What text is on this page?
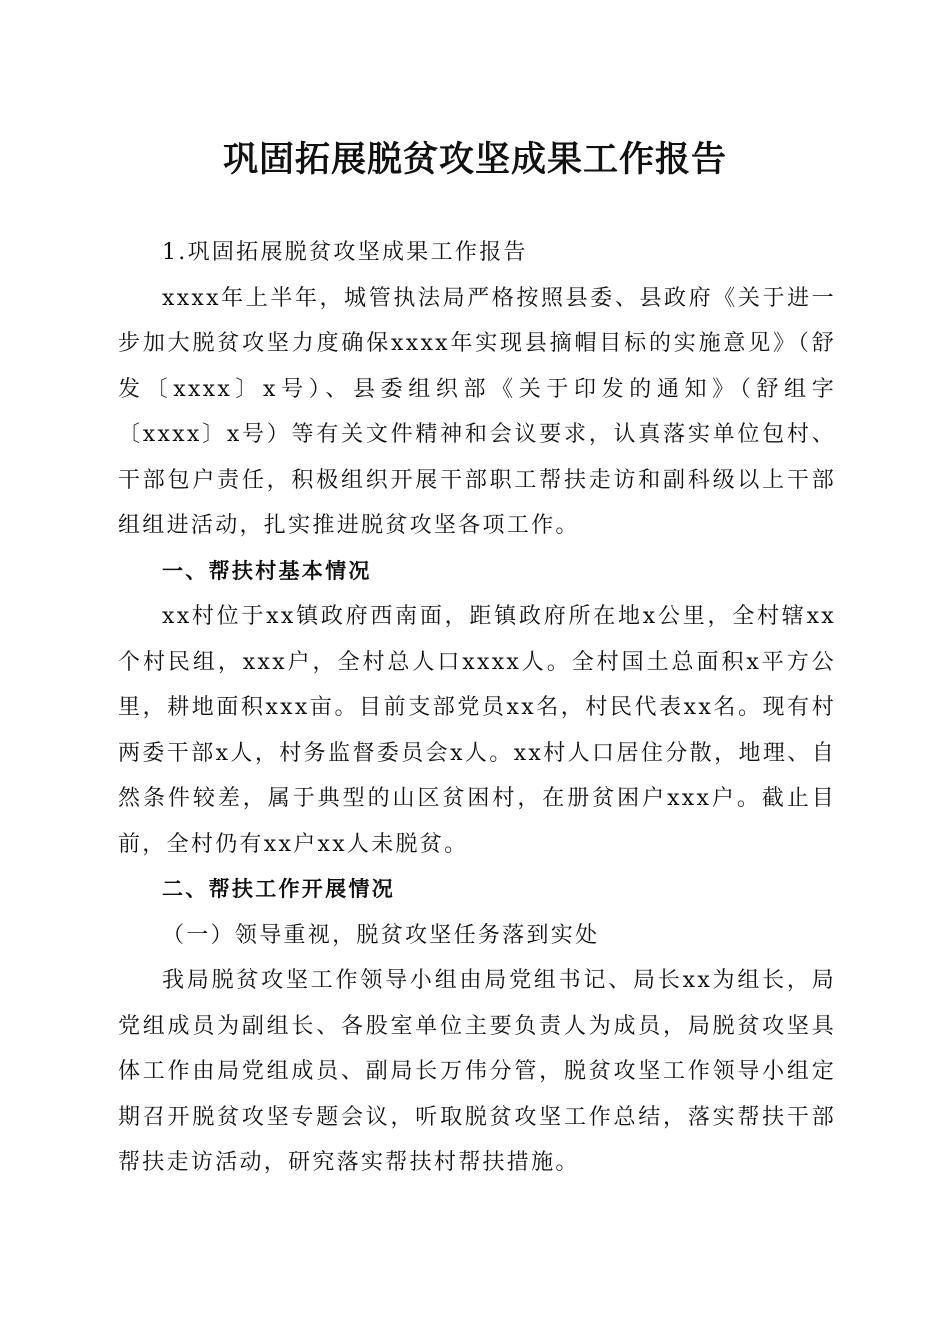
巩固拓展脱贫攻坚成果工作报告

1.巩固拓展脱贫攻坚成果工作报告

xxxx年上半年，城管执法局严格按照县委、县政府《关于进一步加大脱贫攻坚力度确保xxxx年实现县摘帽目标的实施意见》（舒发〔xxxx〕x号）、县委组织部《关于印发的通知》（舒组字〔xxxx〕x号）等有关文件精神和会议要求，认真落实单位包村、干部包户责任，积极组织开展干部职工帮扶走访和副科级以上干部组组进活动，扎实推进脱贫攻坚各项工作。

一、帮扶村基本情况

xx村位于xx镇政府西南面，距镇政府所在地x公里，全村辖xx个村民组，xxx户，全村总人口xxxx人。全村国土总面积x平方公里，耕地面积xxx亩。目前支部党员xx名，村民代表xx名。现有村两委干部x人，村务监督委员会x人。xx村人口居住分散，地理、自然条件较差，属于典型的山区贫困村，在册贫困户xxx户。截止目前，全村仍有xx户xx人未脱贫。

二、帮扶工作开展情况

（一）领导重视，脱贫攻坚任务落到实处

我局脱贫攻坚工作领导小组由局党组书记、局长xx为组长，局党组成员为副组长、各股室单位主要负责人为成员，局脱贫攻坚具体工作由局党组成员、副局长万伟分管，脱贫攻坚工作领导小组定期召开脱贫攻坚专题会议，听取脱贫攻坚工作总结，落实帮扶干部帮扶走访活动，研究落实帮扶村帮扶措施。
